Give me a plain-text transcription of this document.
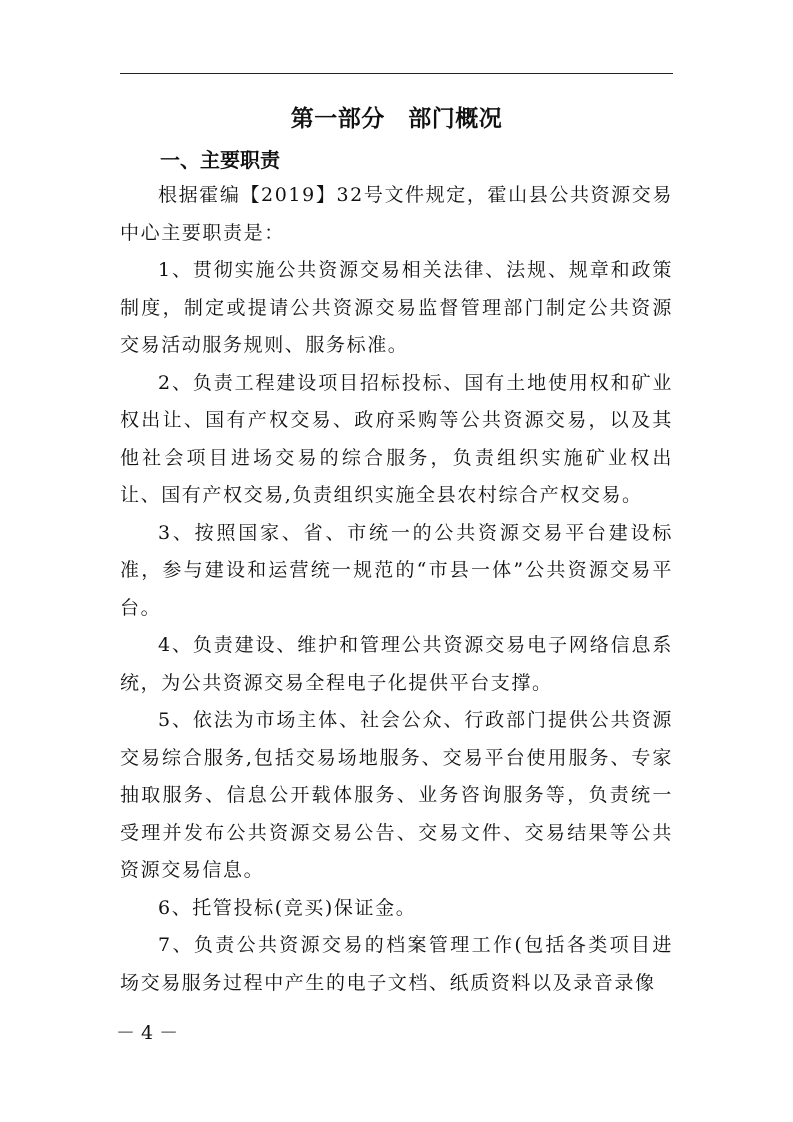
第一部分　部门概况
一、主要职责

根据霍编【2019】32号文件规定，霍山县公共资源交易中心主要职责是：

1、贯彻实施公共资源交易相关法律、法规、规章和政策制度，制定或提请公共资源交易监督管理部门制定公共资源交易活动服务规则、服务标准。

2、负责工程建设项目招标投标、国有土地使用权和矿业权出让、国有产权交易、政府采购等公共资源交易，以及其他社会项目进场交易的综合服务，负责组织实施矿业权出让、国有产权交易,负责组织实施全县农村综合产权交易。

3、按照国家、省、市统一的公共资源交易平台建设标准，参与建设和运营统一规范的“市县一体”公共资源交易平台。

4、负责建设、维护和管理公共资源交易电子网络信息系统，为公共资源交易全程电子化提供平台支撑。

5、依法为市场主体、社会公众、行政部门提供公共资源交易综合服务,包括交易场地服务、交易平台使用服务、专家抽取服务、信息公开载体服务、业务咨询服务等，负责统一受理并发布公共资源交易公告、交易文件、交易结果等公共资源交易信息。

6、托管投标(竞买)保证金。

7、负责公共资源交易的档案管理工作(包括各类项目进场交易服务过程中产生的电子文档、纸质资料以及录音录像

－ 4 －
